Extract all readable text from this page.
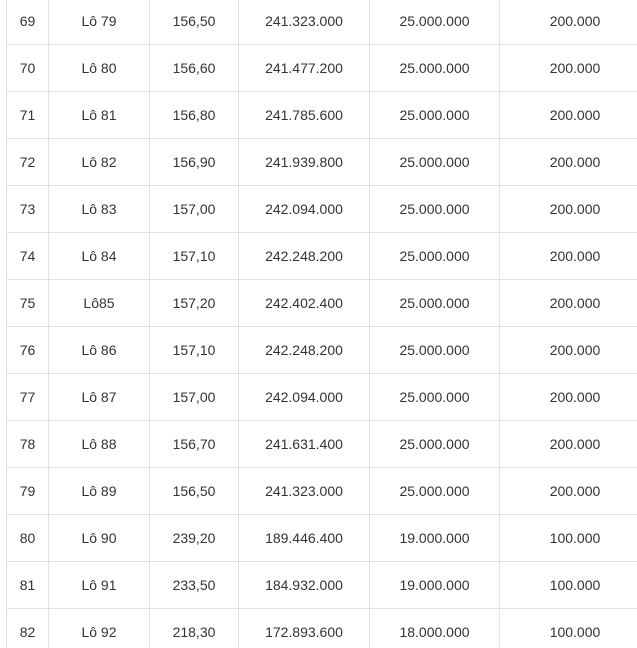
69	Lô 79	156,50	241.323.000	25.000.000	200.000
70	Lô 80	156,60	241.477.200	25.000.000	200.000
71	Lô 81	156,80	241.785.600	25.000.000	200.000
72	Lô 82	156,90	241.939.800	25.000.000	200.000
73	Lô 83	157,00	242.094.000	25.000.000	200.000
74	Lô 84	157,10	242.248.200	25.000.000	200.000
75	Lô85	157,20	242.402.400	25.000.000	200.000
76	Lô 86	157,10	242.248.200	25.000.000	200.000
77	Lô 87	157,00	242.094.000	25.000.000	200.000
78	Lô 88	156,70	241.631.400	25.000.000	200.000
79	Lô 89	156,50	241.323.000	25.000.000	200.000
80	Lô 90	239,20	189.446.400	19.000.000	100.000
81	Lô 91	233,50	184.932.000	19.000.000	100.000
82	Lô 92	218,30	172.893.600	18.000.000	100.000
